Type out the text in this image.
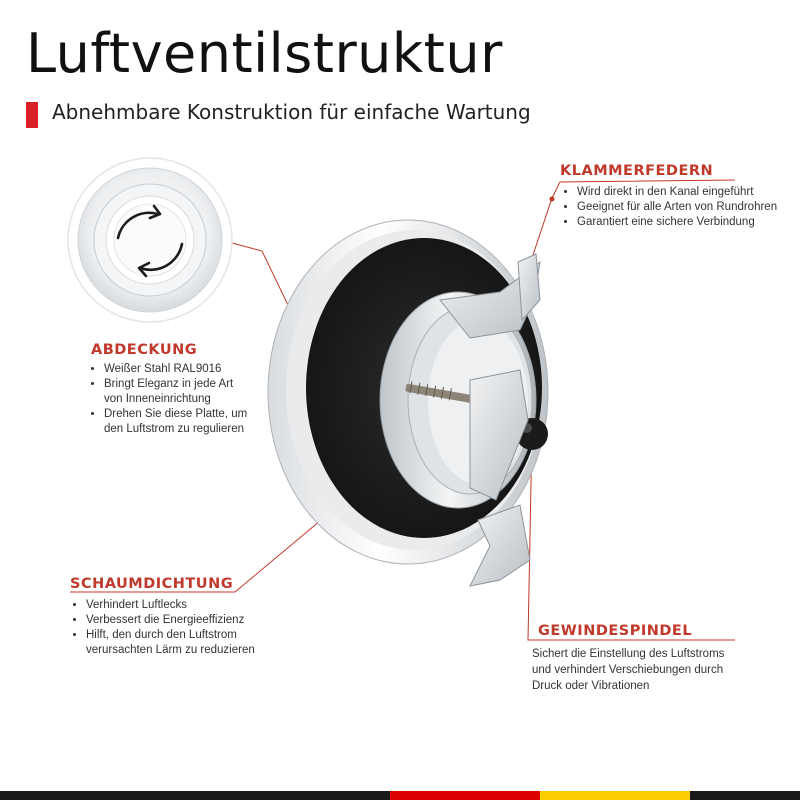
Luftventilstruktur
Abnehmbare Konstruktion für einfache Wartung
ABDECKUNG
• Weißer Stahl RAL9016
• Bringt Eleganz in jede Art
von Inneneinrichtung
• Drehen Sie diese Platte, um
den Luftstrom zu regulieren
KLAMMERFEDERN
• Wird direkt in den Kanal eingeführt
• Geeignet für alle Arten von Rundrohren
• Garantiert eine sichere Verbindung
SCHAUMDICHTUNG
• Verhindert Luftlecks
• Verbessert die Energieeffizienz
• Hilft, den durch den Luftstrom
verursachten Lärm zu reduzieren
GEWINDESPINDEL
Sichert die Einstellung des Luftstroms
und verhindert Verschiebungen durch
Druck oder Vibrationen
